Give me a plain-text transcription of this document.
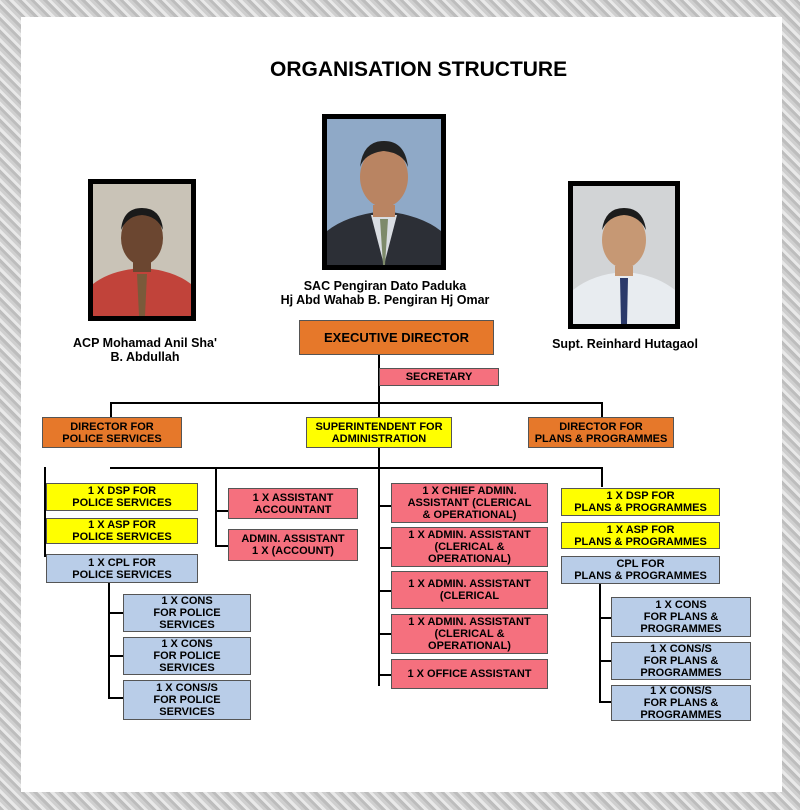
ORGANISATION STRUCTURE
SAC Pengiran Dato Paduka
Hj Abd Wahab B. Pengiran Hj Omar
ACP Mohamad Anil Sha'
B. Abdullah
Supt. Reinhard Hutagaol
EXECUTIVE DIRECTOR
SECRETARY
DIRECTOR FOR
POLICE SERVICES
SUPERINTENDENT FOR
ADMINISTRATION
DIRECTOR FOR
PLANS & PROGRAMMES
1 X DSP FOR
POLICE SERVICES
1 X ASP FOR
POLICE SERVICES
1 X CPL FOR
POLICE SERVICES
1 X CONS
FOR POLICE
SERVICES
1 X CONS
FOR POLICE
SERVICES
1 X CONS/S
FOR POLICE
SERVICES
1 X ASSISTANT
ACCOUNTANT
ADMIN. ASSISTANT
1 X (ACCOUNT)
1 X CHIEF ADMIN.
ASSISTANT (CLERICAL
& OPERATIONAL)
1 X ADMIN. ASSISTANT
(CLERICAL &
OPERATIONAL)
1 X ADMIN. ASSISTANT
(CLERICAL
1 X ADMIN. ASSISTANT
(CLERICAL &
OPERATIONAL)
1 X OFFICE ASSISTANT
1 X DSP FOR
PLANS & PROGRAMMES
1 X ASP FOR
PLANS & PROGRAMMES
CPL FOR
PLANS & PROGRAMMES
1 X CONS
FOR PLANS &
PROGRAMMES
1 X CONS/S
FOR PLANS &
PROGRAMMES
1 X CONS/S
FOR PLANS &
PROGRAMMES
